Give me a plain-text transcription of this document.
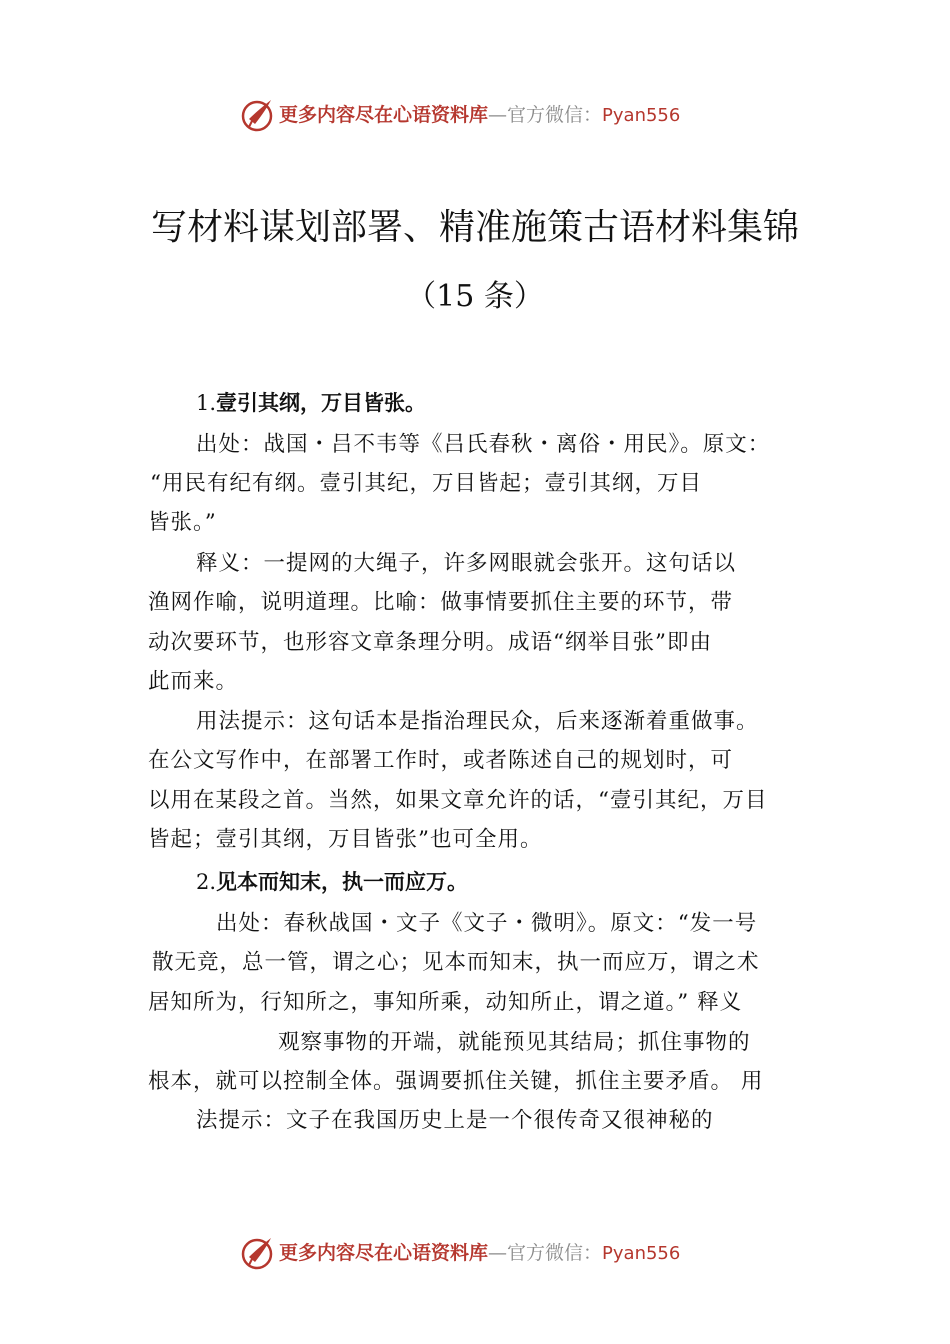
更多内容尽在心语资料库—官方微信：Pyan556
写材料谋划部署、精准施策古语材料集锦
（15 条）
1.壹引其纲，万目皆张。
出处：战国・吕不韦等《吕氏春秋・离俗・用民》。原文：
“用民有纪有纲。壹引其纪，万目皆起；壹引其纲，万目
皆张。”
释义：一提网的大绳子，许多网眼就会张开。这句话以
渔网作喻，说明道理。比喻：做事情要抓住主要的环节，带
动次要环节，也形容文章条理分明。成语“纲举目张”即由
此而来。
用法提示：这句话本是指治理民众，后来逐渐着重做事。
在公文写作中，在部署工作时，或者陈述自己的规划时，可
以用在某段之首。当然，如果文章允许的话，“壹引其纪，万目
皆起；壹引其纲，万目皆张”也可全用。
2.见本而知末，执一而应万。
出处：春秋战国・文子《文子・微明》。原文：“发一号
散无竞，总一管，谓之心；见本而知末，执一而应万，谓之术
居知所为，行知所之，事知所乘，动知所止，谓之道。” 释义
观察事物的开端，就能预见其结局；抓住事物的
根本，就可以控制全体。强调要抓住关键，抓住主要矛盾。 用
法提示：文子在我国历史上是一个很传奇又很神秘的
更多内容尽在心语资料库—官方微信：Pyan556
